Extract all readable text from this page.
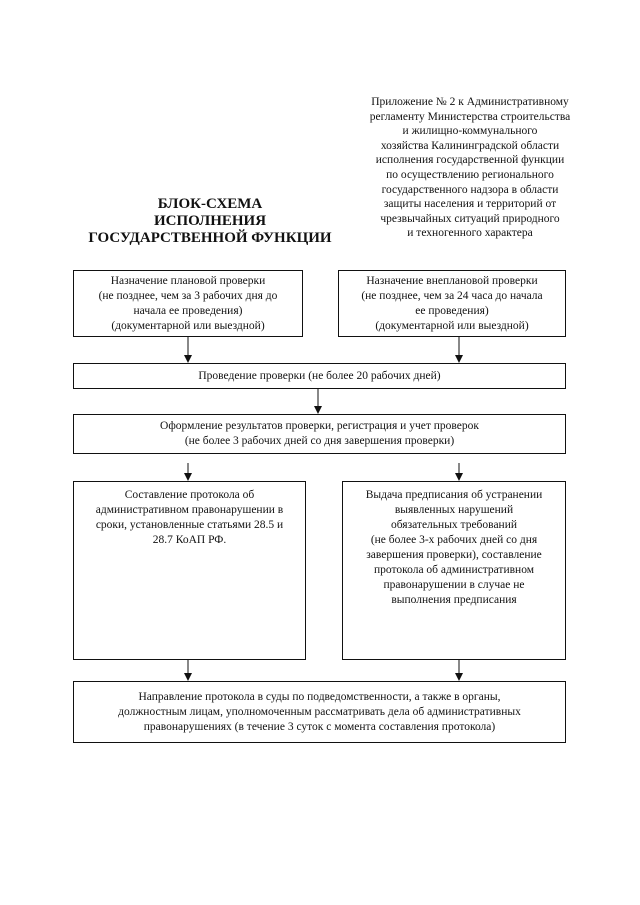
Приложение № 2 к Административному
регламенту Министерства строительства
и жилищно-коммунального
хозяйства Калининградской области
исполнения государственной функции
по осуществлению регионального
государственного надзора в области
защиты населения и территорий от
чрезвычайных ситуаций природного
и техногенного характера
БЛОК-СХЕМА
ИСПОЛНЕНИЯ
ГОСУДАРСТВЕННОЙ ФУНКЦИИ
Назначение плановой проверки
(не позднее, чем за 3 рабочих дня до
начала ее проведения)
(документарной или выездной)
Назначение внеплановой проверки
(не позднее, чем за 24 часа до начала
ее проведения)
(документарной или выездной)
Проведение проверки (не более 20 рабочих дней)
Оформление результатов проверки, регистрация и учет проверок
(не более 3 рабочих дней со дня завершения проверки)
Составление протокола об
административном правонарушении в
сроки, установленные статьями 28.5 и
28.7 КоАП РФ.
Выдача предписания об устранении
выявленных нарушений
обязательных требований
(не более 3-х рабочих дней со дня
завершения проверки), составление
протокола об административном
правонарушении в случае не
выполнения предписания
Направление протокола в суды по подведомственности, а также в органы,
должностным лицам, уполномоченным рассматривать дела об административных
правонарушениях (в течение 3 суток с момента составления протокола)
